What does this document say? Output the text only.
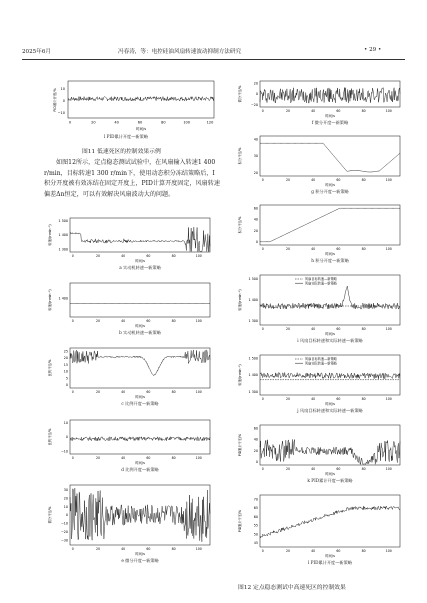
2025年6月	冯春涛，等：电控硅油风扇转速波动抑制方法研究	• 29 •
10
0
−10
PID累计开度/%
0	20	40	60	80	100	120
时间/s
l PID累计开度—新策略
图11 低速死区的控制效果示例
如图12所示，定点稳态测试试验中，在风扇输入转速1 400 r/min，目标转速1 300 r/min下，使用动态积分冻结策略后，I积分开度被有效冻结在固定开度上，PID计算开度固定，风扇转速偏差Δn恒定，可以有效解决风扇波动大的问题。
1 500
1 400
1 300
转速/(r·min⁻¹)
0	20	40	60	80	100
时间/s
a 实动机转速—新策略
1 400
转速/(r·min⁻¹)
0	20	40	60	80	100
时间/s
b 实动机转速—新策略
25
20
15
10
5
0
比例开度/%
0	20	40	60	80	100
时间/s
c 比例开度—新策略
10
0
−10
比例开度/%
0	20	40	60	80	100
时间/s
d 比例开度—新策略
30
20
10
0
−10
−20
−30
微分开度/%
0	20	40	60	80	100
时间/s
e 微分开度—新策略
20
0
−20
微分开度/%
0	20	40	60	80	100
时间/s
f 微分开度—新策略
40
30
20
积分开度/%
0	20	40	60	80	100
时间/s
g 积分开度—新策略
60
40
20
0
积分开度/%
0	20	40	60	80	100
时间/s
h 积分开度—新策略
1 500
1 400
1 300
转速/(r·min⁻¹)
0	20	40	60	80	100
时间/s
风扇目标转速—新策略
风扇实际转速—新策略
i 风扇目标转速和实际转速—新策略
1 500
1 400
1 300
转速/(r·min⁻¹)
0	20	40	60	80	100
时间/s
风扇目标转速—新策略
风扇实际转速—新策略
j 风扇目标转速和实际转速—新策略
60
40
20
0
PID累计开度/%
0	20	40	60	80	100
时间/s
k PID累计开度—新策略
70
65
60
55
50
45
PID累计开度/%
0	20	40	60	80	100
时间/s
l PID累计开度—新策略
图12 定点稳态测试中高速死区的控制效果
